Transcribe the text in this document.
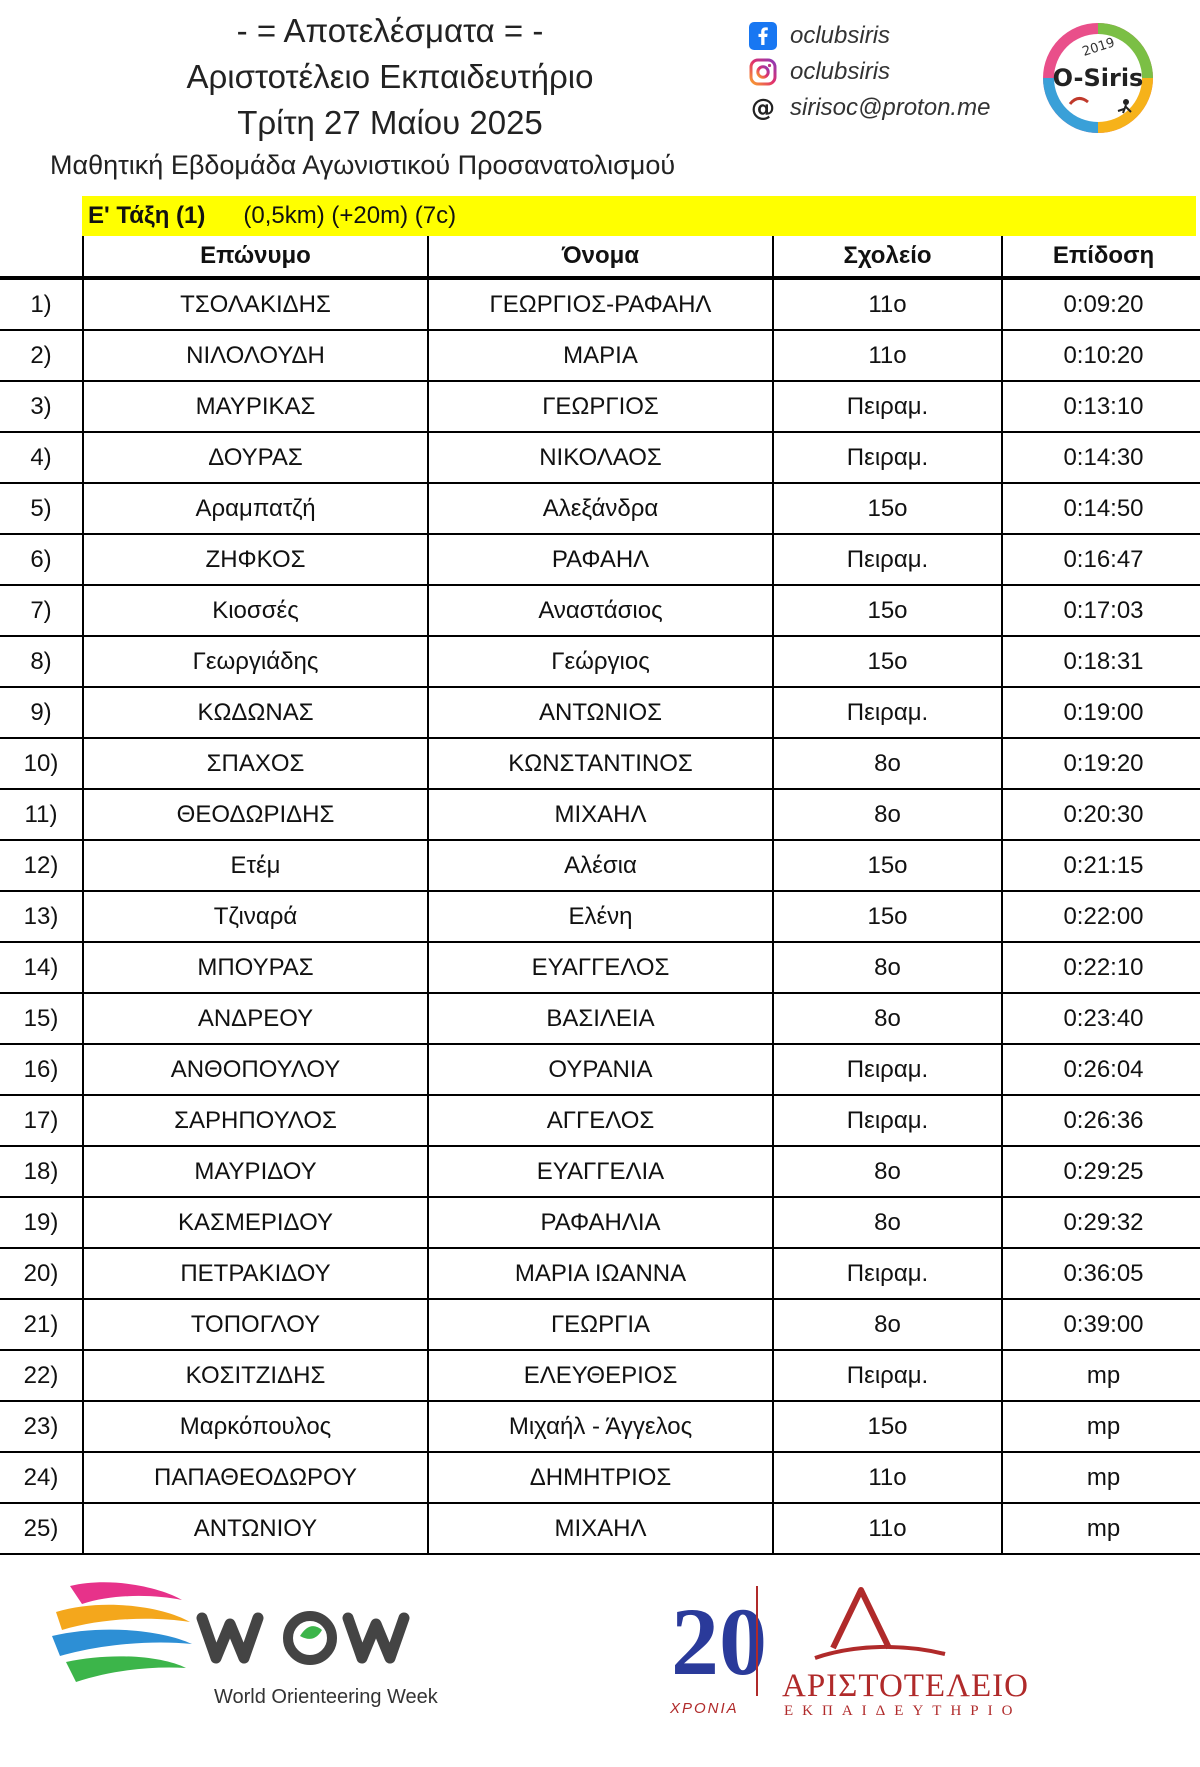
- = Αποτελέσματα = -
Αριστοτέλειο Εκπαιδευτήριο
Τρίτη 27 Μαίου 2025
Μαθητική Εβδομάδα Αγωνιστικού Προσανατολισμού
oclubsiris
oclubsiris
@ sirisoc@proton.me
2019
O-Siris
Ε' Τάξη (1) (0,5km) (+20m) (7c)
	Επώνυμο	Όνομα	Σχολείο	Επίδοση
1)	ΤΣΟΛΑΚΙΔΗΣ	ΓΕΩΡΓΙΟΣ-ΡΑΦΑΗΛ	11ο	0:09:20
2)	ΝΙΛΟΛΟΥΔΗ	ΜΑΡΙΑ	11ο	0:10:20
3)	ΜΑΥΡΙΚΑΣ	ΓΕΩΡΓΙΟΣ	Πειραμ.	0:13:10
4)	ΔΟΥΡΑΣ	ΝΙΚΟΛΑΟΣ	Πειραμ.	0:14:30
5)	Αραμπατζή	Αλεξάνδρα	15ο	0:14:50
6)	ΖΗΦΚΟΣ	ΡΑΦΑΗΛ	Πειραμ.	0:16:47
7)	Κιοσσές	Αναστάσιος	15ο	0:17:03
8)	Γεωργιάδης	Γεώργιος	15ο	0:18:31
9)	ΚΩΔΩΝΑΣ	ΑΝΤΩΝΙΟΣ	Πειραμ.	0:19:00
10)	ΣΠΑΧΟΣ	ΚΩΝΣΤΑΝΤΙΝΟΣ	8ο	0:19:20
11)	ΘΕΟΔΩΡΙΔΗΣ	ΜΙΧΑΗΛ	8ο	0:20:30
12)	Ετέμ	Αλέσια	15ο	0:21:15
13)	Τζιναρά	Ελένη	15ο	0:22:00
14)	ΜΠΟΥΡΑΣ	ΕΥΑΓΓΕΛΟΣ	8ο	0:22:10
15)	ΑΝΔΡΕΟΥ	ΒΑΣΙΛΕΙΑ	8ο	0:23:40
16)	ΑΝΘΟΠΟΥΛΟΥ	ΟΥΡΑΝΙΑ	Πειραμ.	0:26:04
17)	ΣΑΡΗΠΟΥΛΟΣ	ΑΓΓΕΛΟΣ	Πειραμ.	0:26:36
18)	ΜΑΥΡΙΔΟΥ	ΕΥΑΓΓΕΛΙΑ	8ο	0:29:25
19)	ΚΑΣΜΕΡΙΔΟΥ	ΡΑΦΑΗΛΙΑ	8ο	0:29:32
20)	ΠΕΤΡΑΚΙΔΟΥ	ΜΑΡΙΑ ΙΩΑΝΝΑ	Πειραμ.	0:36:05
21)	ΤΟΠΟΓΛΟΥ	ΓΕΩΡΓΙΑ	8ο	0:39:00
22)	ΚΟΣΙΤΖΙΔΗΣ	ΕΛΕΥΘΕΡΙΟΣ	Πειραμ.	mp
23)	Μαρκόπουλος	Μιχαήλ - Άγγελος	15ο	mp
24)	ΠΑΠΑΘΕΟΔΩΡΟΥ	ΔΗΜΗΤΡΙΟΣ	11ο	mp
25)	ΑΝΤΩΝΙΟΥ	ΜΙΧΑΗΛ	11ο	mp
World Orienteering Week
20
ΧΡΟΝΙΑ
ΑΡΙΣΤΟΤΕΛΕΙΟ
ΕΚΠΑΙΔΕΥΤΗΡΙΟ
